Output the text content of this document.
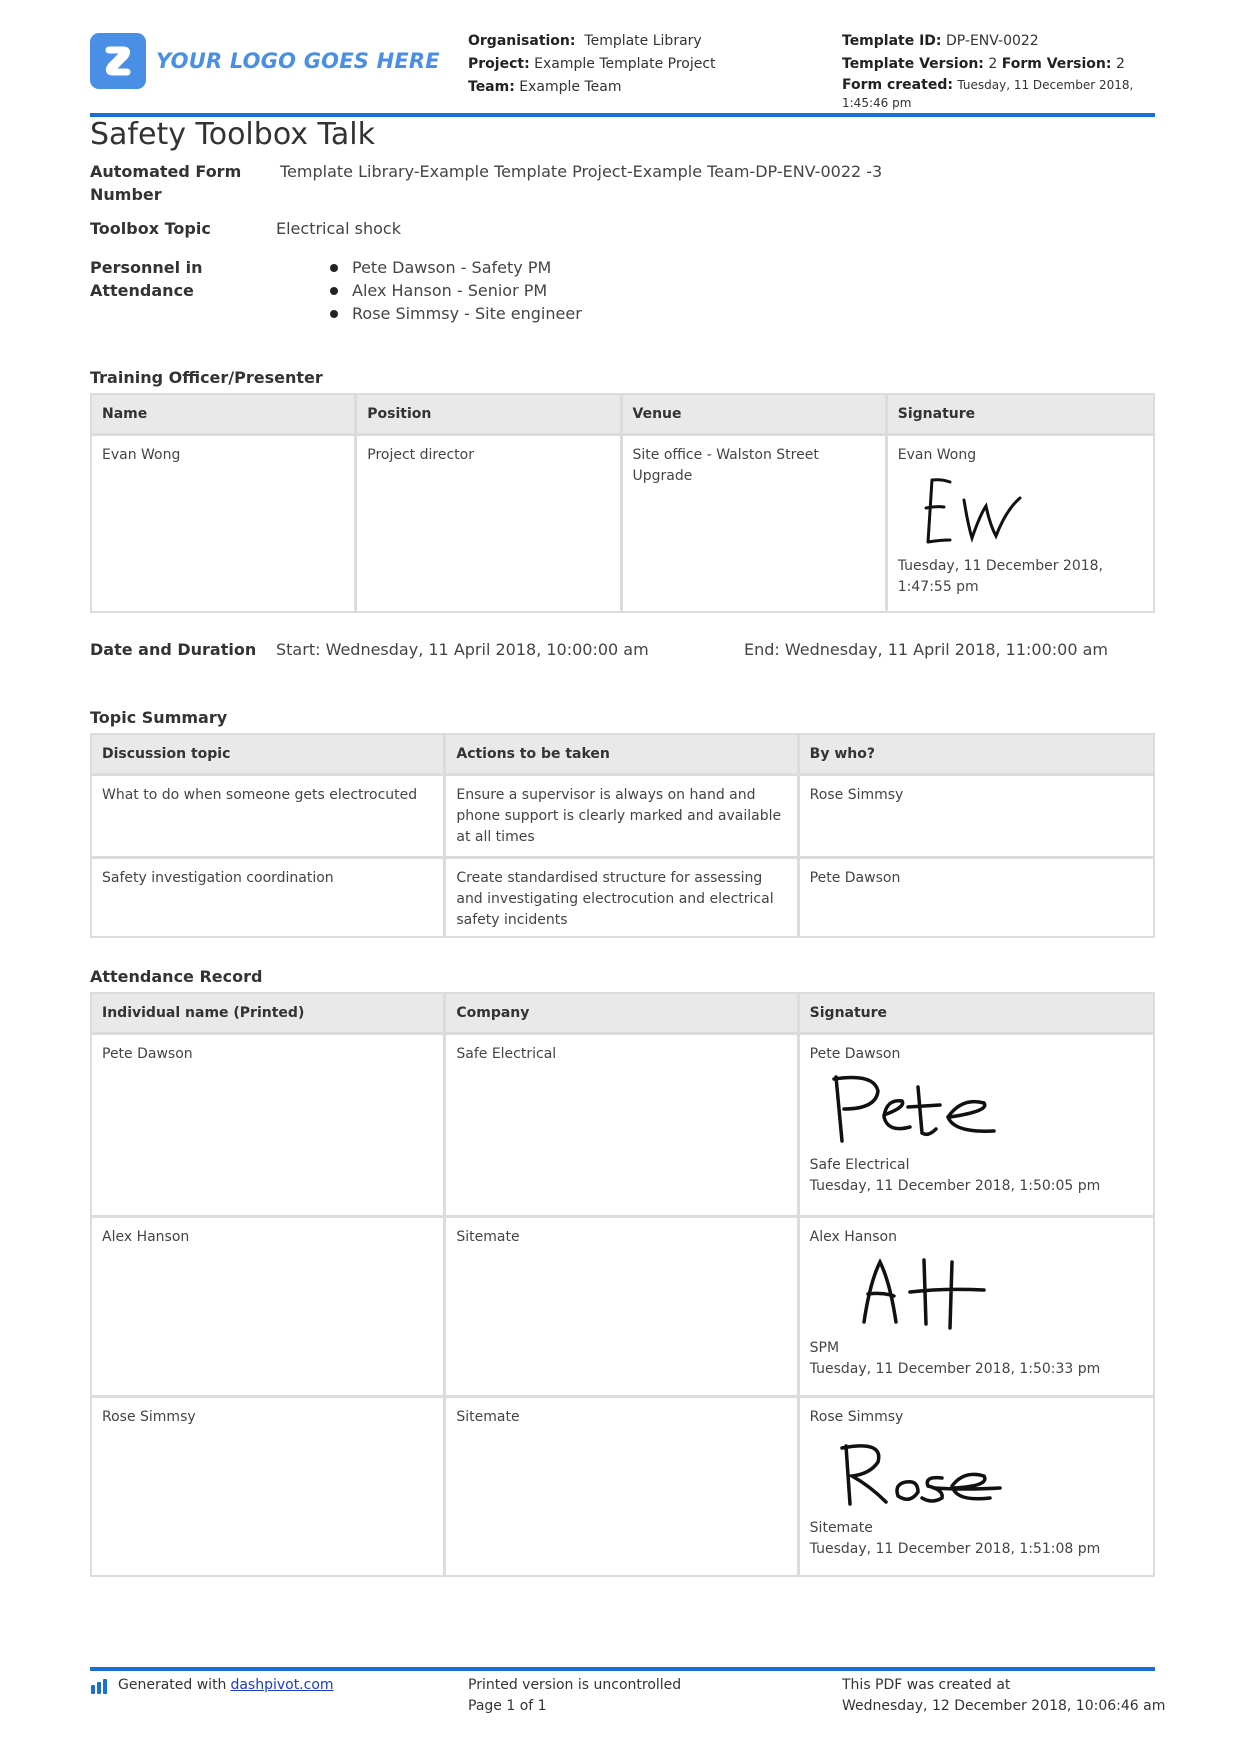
YOUR LOGO GOES HERE
Organisation: Template Library
Project: Example Template Project
Team: Example Team
Template ID: DP-ENV-0022
Template Version: 2 Form Version: 2
Form created: Tuesday, 11 December 2018, 1:45:46 pm
Safety Toolbox Talk
Automated Form Number
Template Library-Example Template Project-Example Team-DP-ENV-0022 -3
Toolbox Topic	Electrical shock
Personnel in Attendance
Pete Dawson - Safety PM
Alex Hanson - Senior PM
Rose Simmsy - Site engineer
Training Officer/Presenter
Name	Position	Venue	Signature
Evan Wong	Project director	Site office - Walston Street Upgrade	Evan Wong
Tuesday, 11 December 2018, 1:47:55 pm
Date and Duration Start: Wednesday, 11 April 2018, 10:00:00 am	End: Wednesday, 11 April 2018, 11:00:00 am
Topic Summary
Discussion topic	Actions to be taken	By who?
What to do when someone gets electrocuted	Ensure a supervisor is always on hand and phone support is clearly marked and available at all times	Rose Simmsy
Safety investigation coordination	Create standardised structure for assessing and investigating electrocution and electrical safety incidents	Pete Dawson
Attendance Record
Individual name (Printed)	Company	Signature
Pete Dawson	Safe Electrical	Pete Dawson
Safe Electrical
Tuesday, 11 December 2018, 1:50:05 pm

Alex Hanson	Sitemate	Alex Hanson
SPM
Tuesday, 11 December 2018, 1:50:33 pm

Rose Simmsy	Sitemate	Rose Simmsy
Sitemate
Tuesday, 11 December 2018, 1:51:08 pm
Generated with dashpivot.com	Printed version is uncontrolled
Page 1 of 1
This PDF was created at
Wednesday, 12 December 2018, 10:06:46 am
